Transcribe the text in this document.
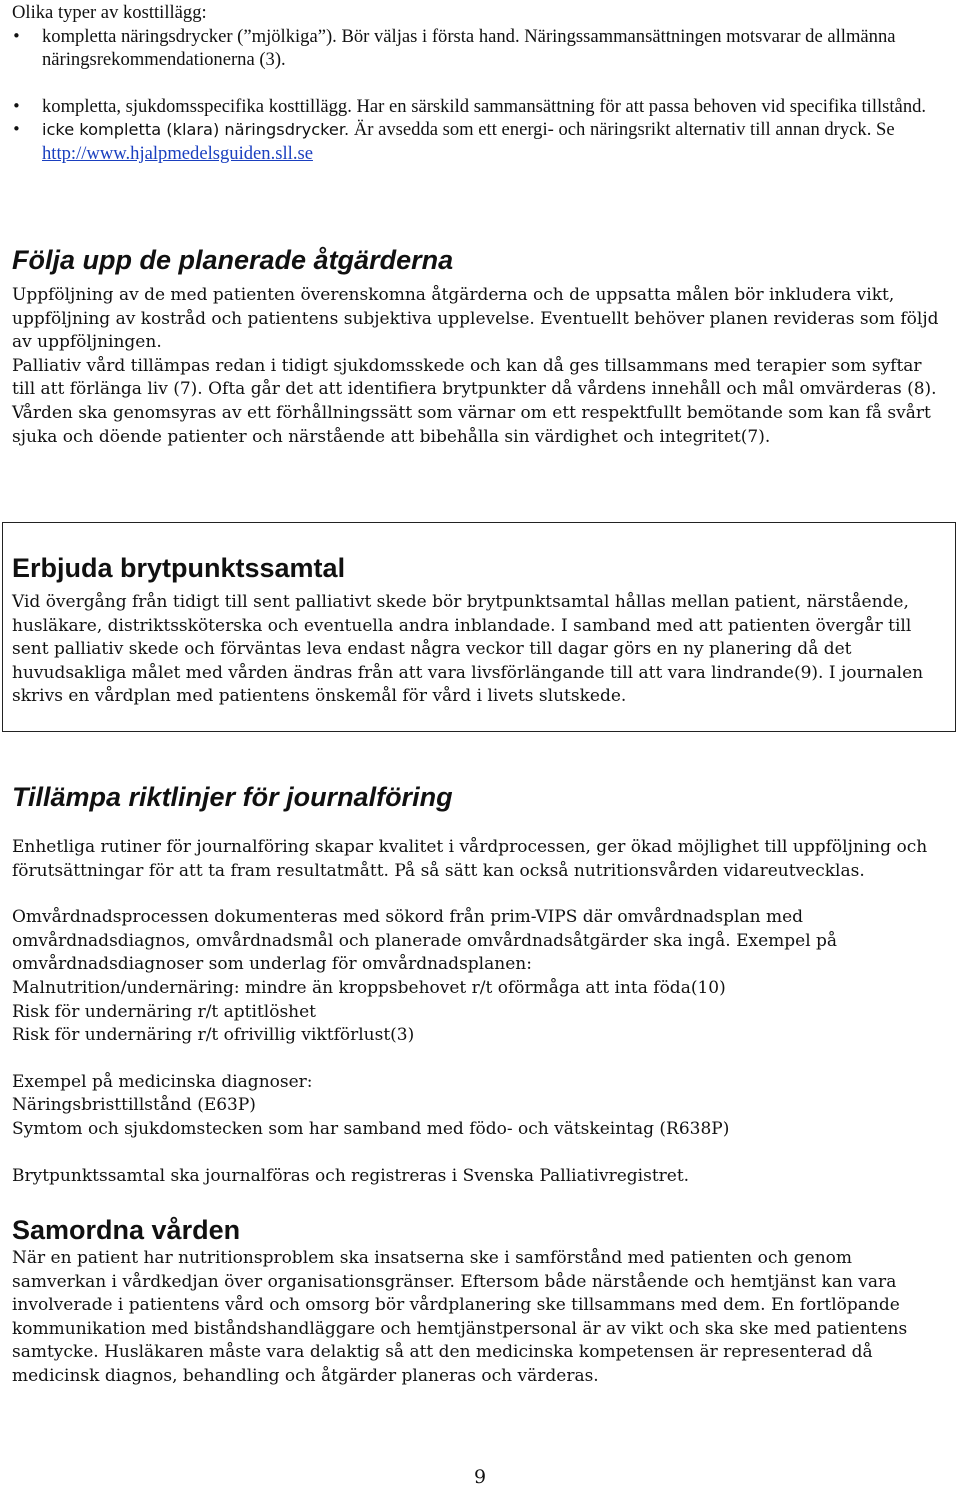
Olika typer av kosttillägg:

• kompletta näringsdrycker (”mjölkiga”). Bör väljas i första hand. Näringssammansättningen motsvarar de allmänna näringsrekommendationerna (3).

• kompletta, sjukdomsspecifika kosttillägg. Har en särskild sammansättning för att passa behoven vid specifika tillstånd.

• icke kompletta (klara) näringsdrycker. Är avsedda som ett energi- och näringsrikt alternativ till annan dryck. Se http://www.hjalpmedelsguiden.sll.se

Följa upp de planerade åtgärderna

Uppföljning av de med patienten överenskomna åtgärderna och de uppsatta målen bör inkludera vikt, uppföljning av kostråd och patientens subjektiva upplevelse. Eventuellt behöver planen revideras som följd av uppföljningen.

Palliativ vård tillämpas redan i tidigt sjukdomsskede och kan då ges tillsammans med terapier som syftar till att förlänga liv (7). Ofta går det att identifiera brytpunkter då vårdens innehåll och mål omvärderas (8).

Vården ska genomsyras av ett förhållningssätt som värnar om ett respektfullt bemötande som kan få svårt sjuka och döende patienter och närstående att bibehålla sin värdighet och integritet(7).

Erbjuda brytpunktssamtal

Vid övergång från tidigt till sent palliativt skede bör brytpunktsamtal hållas mellan patient, närstående, husläkare, distriktssköterska och eventuella andra inblandade. I samband med att patienten övergår till sent palliativ skede och förväntas leva endast några veckor till dagar görs en ny planering då det huvudsakliga målet med vården ändras från att vara livsförlängande till att vara lindrande(9). I journalen skrivs en vårdplan med patientens önskemål för vård i livets slutskede.

Tillämpa riktlinjer för journalföring

Enhetliga rutiner för journalföring skapar kvalitet i vårdprocessen, ger ökad möjlighet till uppföljning och förutsättningar för att ta fram resultatmått. På så sätt kan också nutritionsvården vidareutvecklas.

Omvårdnadsprocessen dokumenteras med sökord från prim-VIPS där omvårdnadsplan med omvårdnadsdiagnos, omvårdnadsmål och planerade omvårdnadsåtgärder ska ingå. Exempel på omvårdnadsdiagnoser som underlag för omvårdnadsplanen:

Malnutrition/undernäring: mindre än kroppsbehovet r/t oförmåga att inta föda(10)

Risk för undernäring r/t aptitlöshet

Risk för undernäring r/t ofrivillig viktförlust(3)

Exempel på medicinska diagnoser:

Näringsbristtillstånd (E63P)

Symtom och sjukdomstecken som har samband med födo- och vätskeintag (R638P)

Brytpunktssamtal ska journalföras och registreras i Svenska Palliativregistret.

Samordna vården

När en patient har nutritionsproblem ska insatserna ske i samförstånd med patienten och genom samverkan i vårdkedjan över organisationsgränser. Eftersom både närstående och hemtjänst kan vara involverade i patientens vård och omsorg bör vårdplanering ske tillsammans med dem. En fortlöpande kommunikation med biståndshandläggare och hemtjänstpersonal är av vikt och ska ske med patientens samtycke. Husläkaren måste vara delaktig så att den medicinska kompetensen är representerad då medicinsk diagnos, behandling och åtgärder planeras och värderas.

9
